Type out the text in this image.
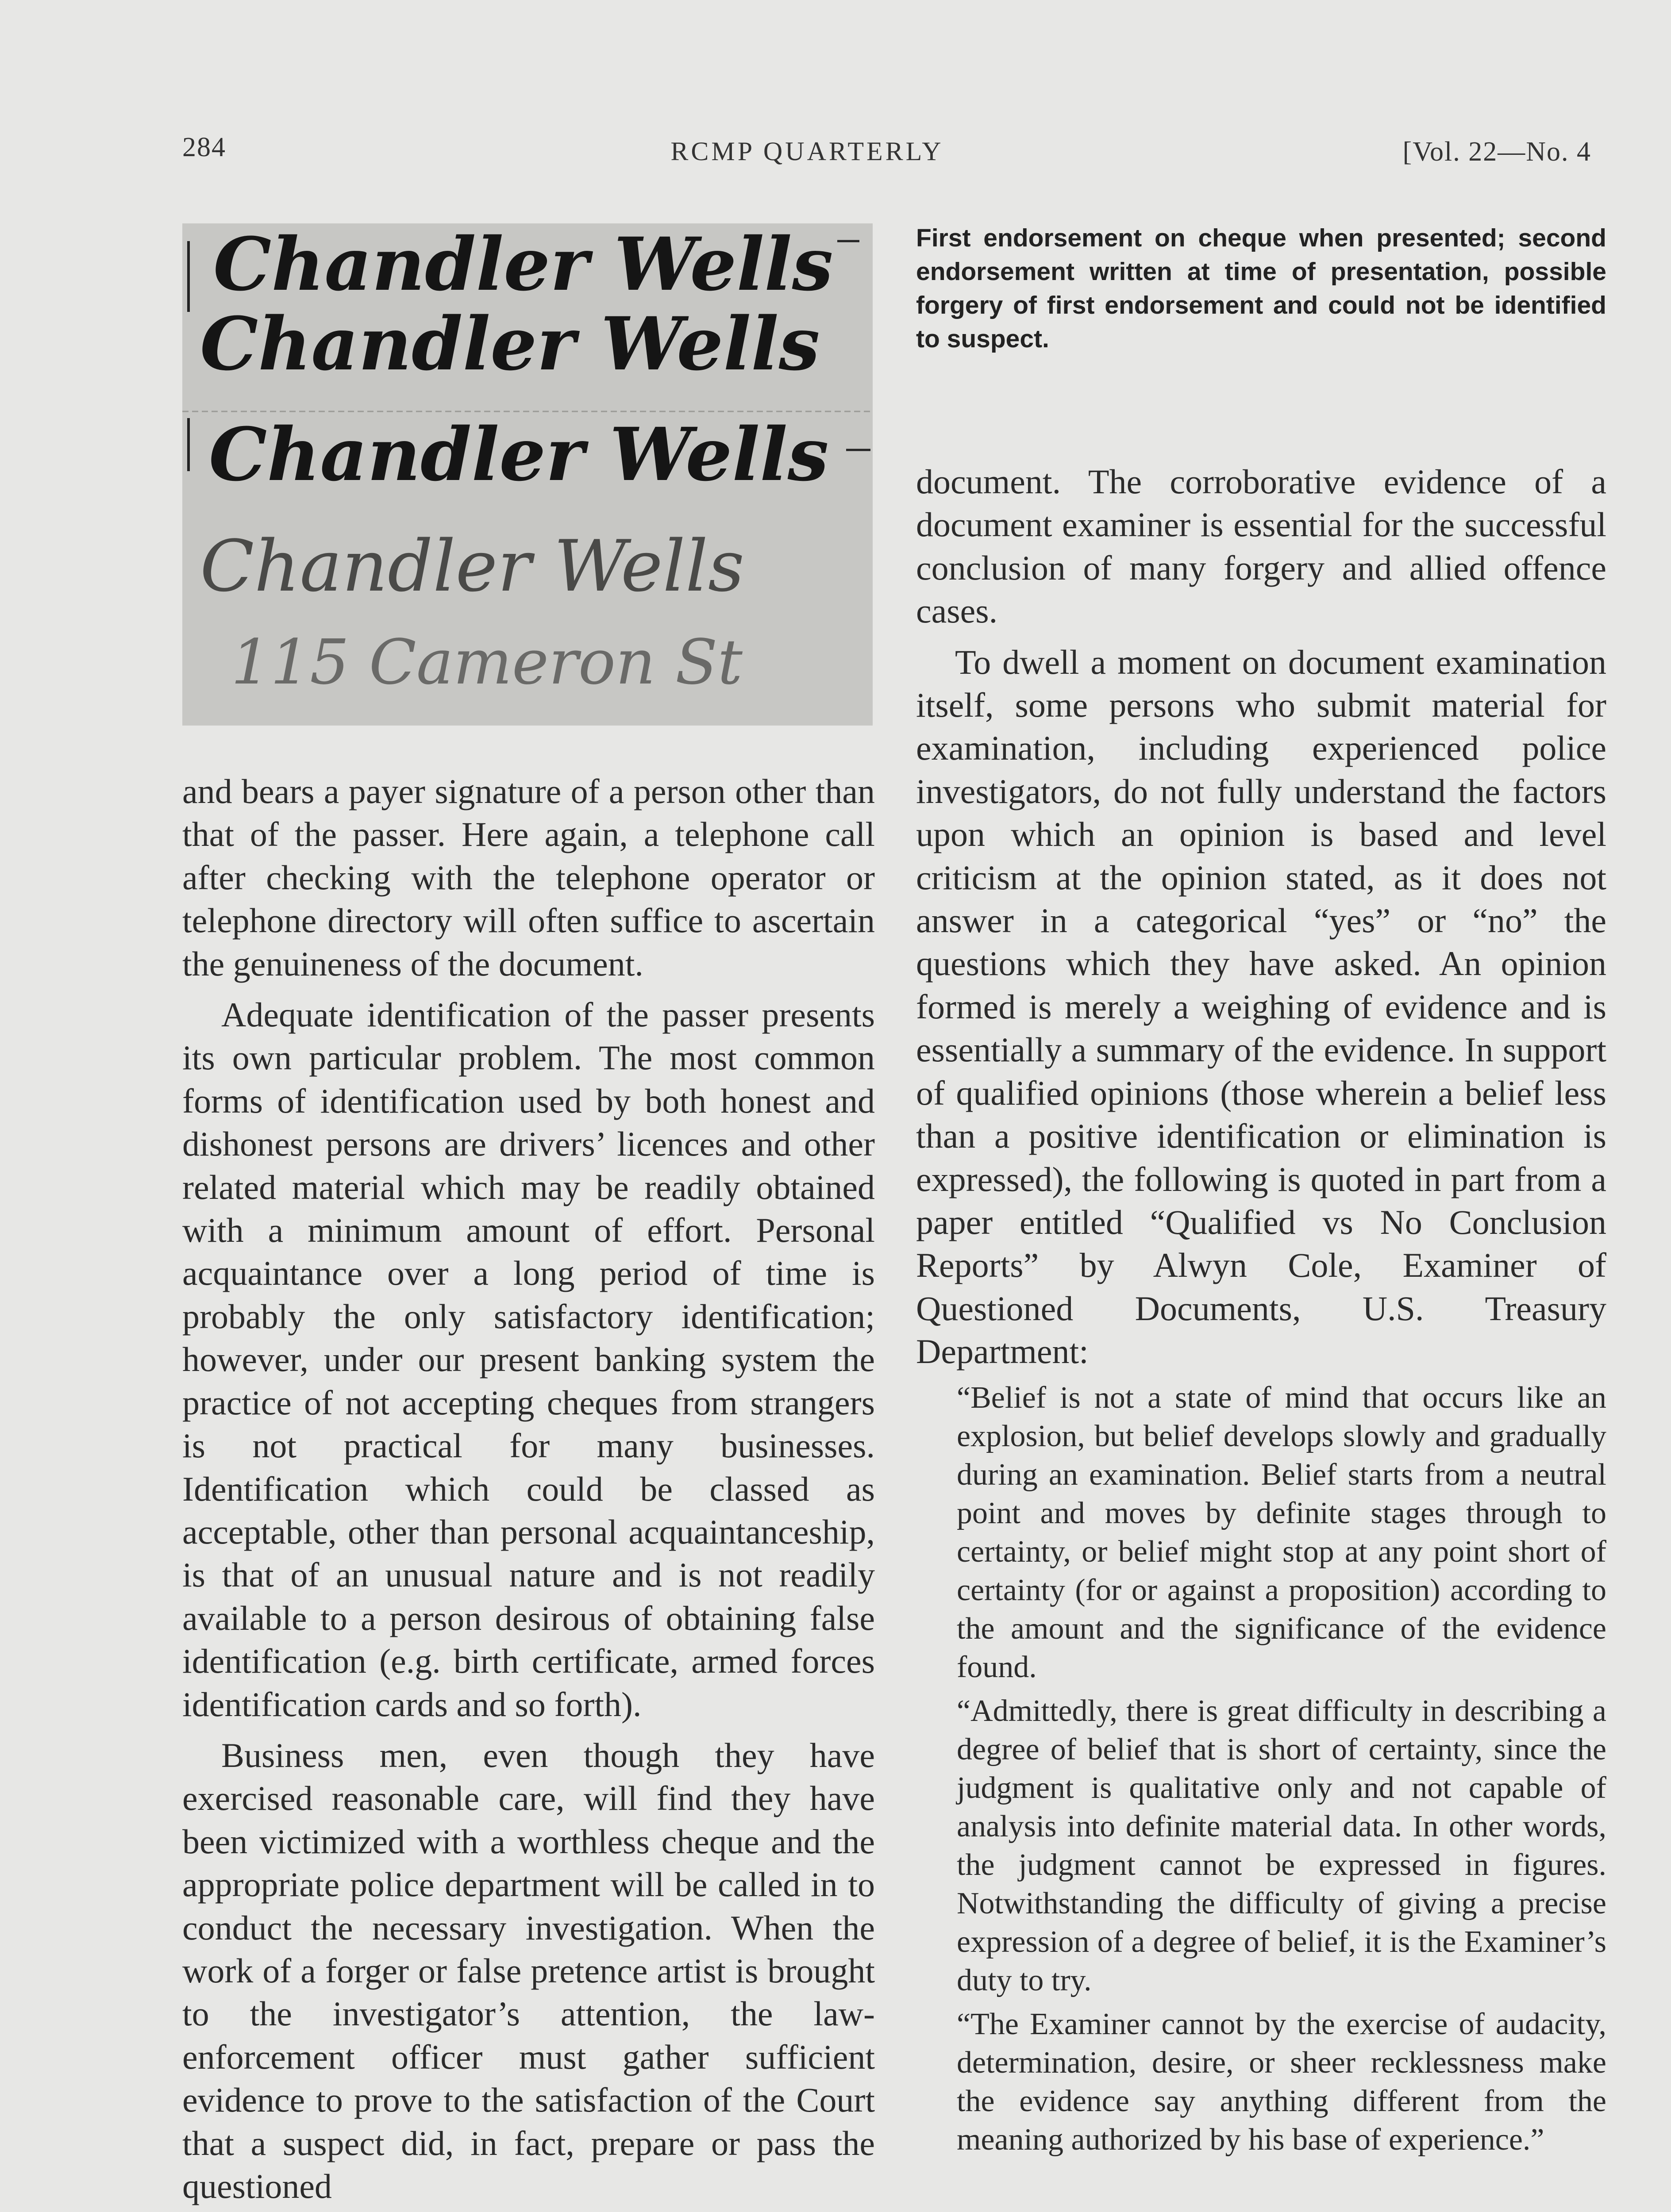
284	RCMP QUARTERLY	[Vol. 22—No. 4
Chandler Wells
Chandler Wells
Chandler Wells
Chandler Wells
115 Cameron St
First endorsement on cheque when presented; second endorsement written at time of presentation, possible forgery of first endorsement and could not be identified to suspect.

and bears a payer signature of a person other than that of the passer. Here again, a telephone call after checking with the telephone operator or telephone directory will often suffice to ascertain the genuineness of the document.

Adequate identification of the passer presents its own particular problem. The most common forms of identification used by both honest and dishonest persons are drivers’ licences and other related material which may be readily obtained with a minimum amount of effort. Personal acquaintance over a long period of time is probably the only satisfactory identification; however, under our present banking system the practice of not accepting cheques from strangers is not practical for many businesses. Identification which could be classed as acceptable, other than personal acquaintanceship, is that of an unusual nature and is not readily available to a person desirous of obtaining false identification (e.g. birth certificate, armed forces identification cards and so forth).

Business men, even though they have exercised reasonable care, will find they have been victimized with a worthless cheque and the appropriate police department will be called in to conduct the necessary investigation. When the work of a forger or false pretence artist is brought to the investigator’s attention, the law-enforcement officer must gather sufficient evidence to prove to the satisfaction of the Court that a suspect did, in fact, prepare or pass the questioned

document. The corroborative evidence of a document examiner is essential for the successful conclusion of many forgery and allied offence cases.

To dwell a moment on document examination itself, some persons who submit material for examination, including experienced police investigators, do not fully understand the factors upon which an opinion is based and level criticism at the opinion stated, as it does not answer in a categorical “yes” or “no” the questions which they have asked. An opinion formed is merely a weighing of evidence and is essentially a summary of the evidence. In support of qualified opinions (those wherein a belief less than a positive identification or elimination is expressed), the following is quoted in part from a paper entitled “Qualified vs No Conclusion Reports” by Alwyn Cole, Examiner of Questioned Documents, U.S. Treasury Department:

“Belief is not a state of mind that occurs like an explosion, but belief develops slowly and gradually during an examination. Belief starts from a neutral point and moves by definite stages through to certainty, or belief might stop at any point short of certainty (for or against a proposition) according to the amount and the significance of the evidence found.

“Admittedly, there is great difficulty in describing a degree of belief that is short of certainty, since the judgment is qualitative only and not capable of analysis into definite material data. In other words, the judgment cannot be expressed in figures. Notwithstanding the difficulty of giving a precise expression of a degree of belief, it is the Examiner’s duty to try.

“The Examiner cannot by the exercise of audacity, determination, desire, or sheer recklessness make the evidence say anything different from the meaning authorized by his base of experience.”
